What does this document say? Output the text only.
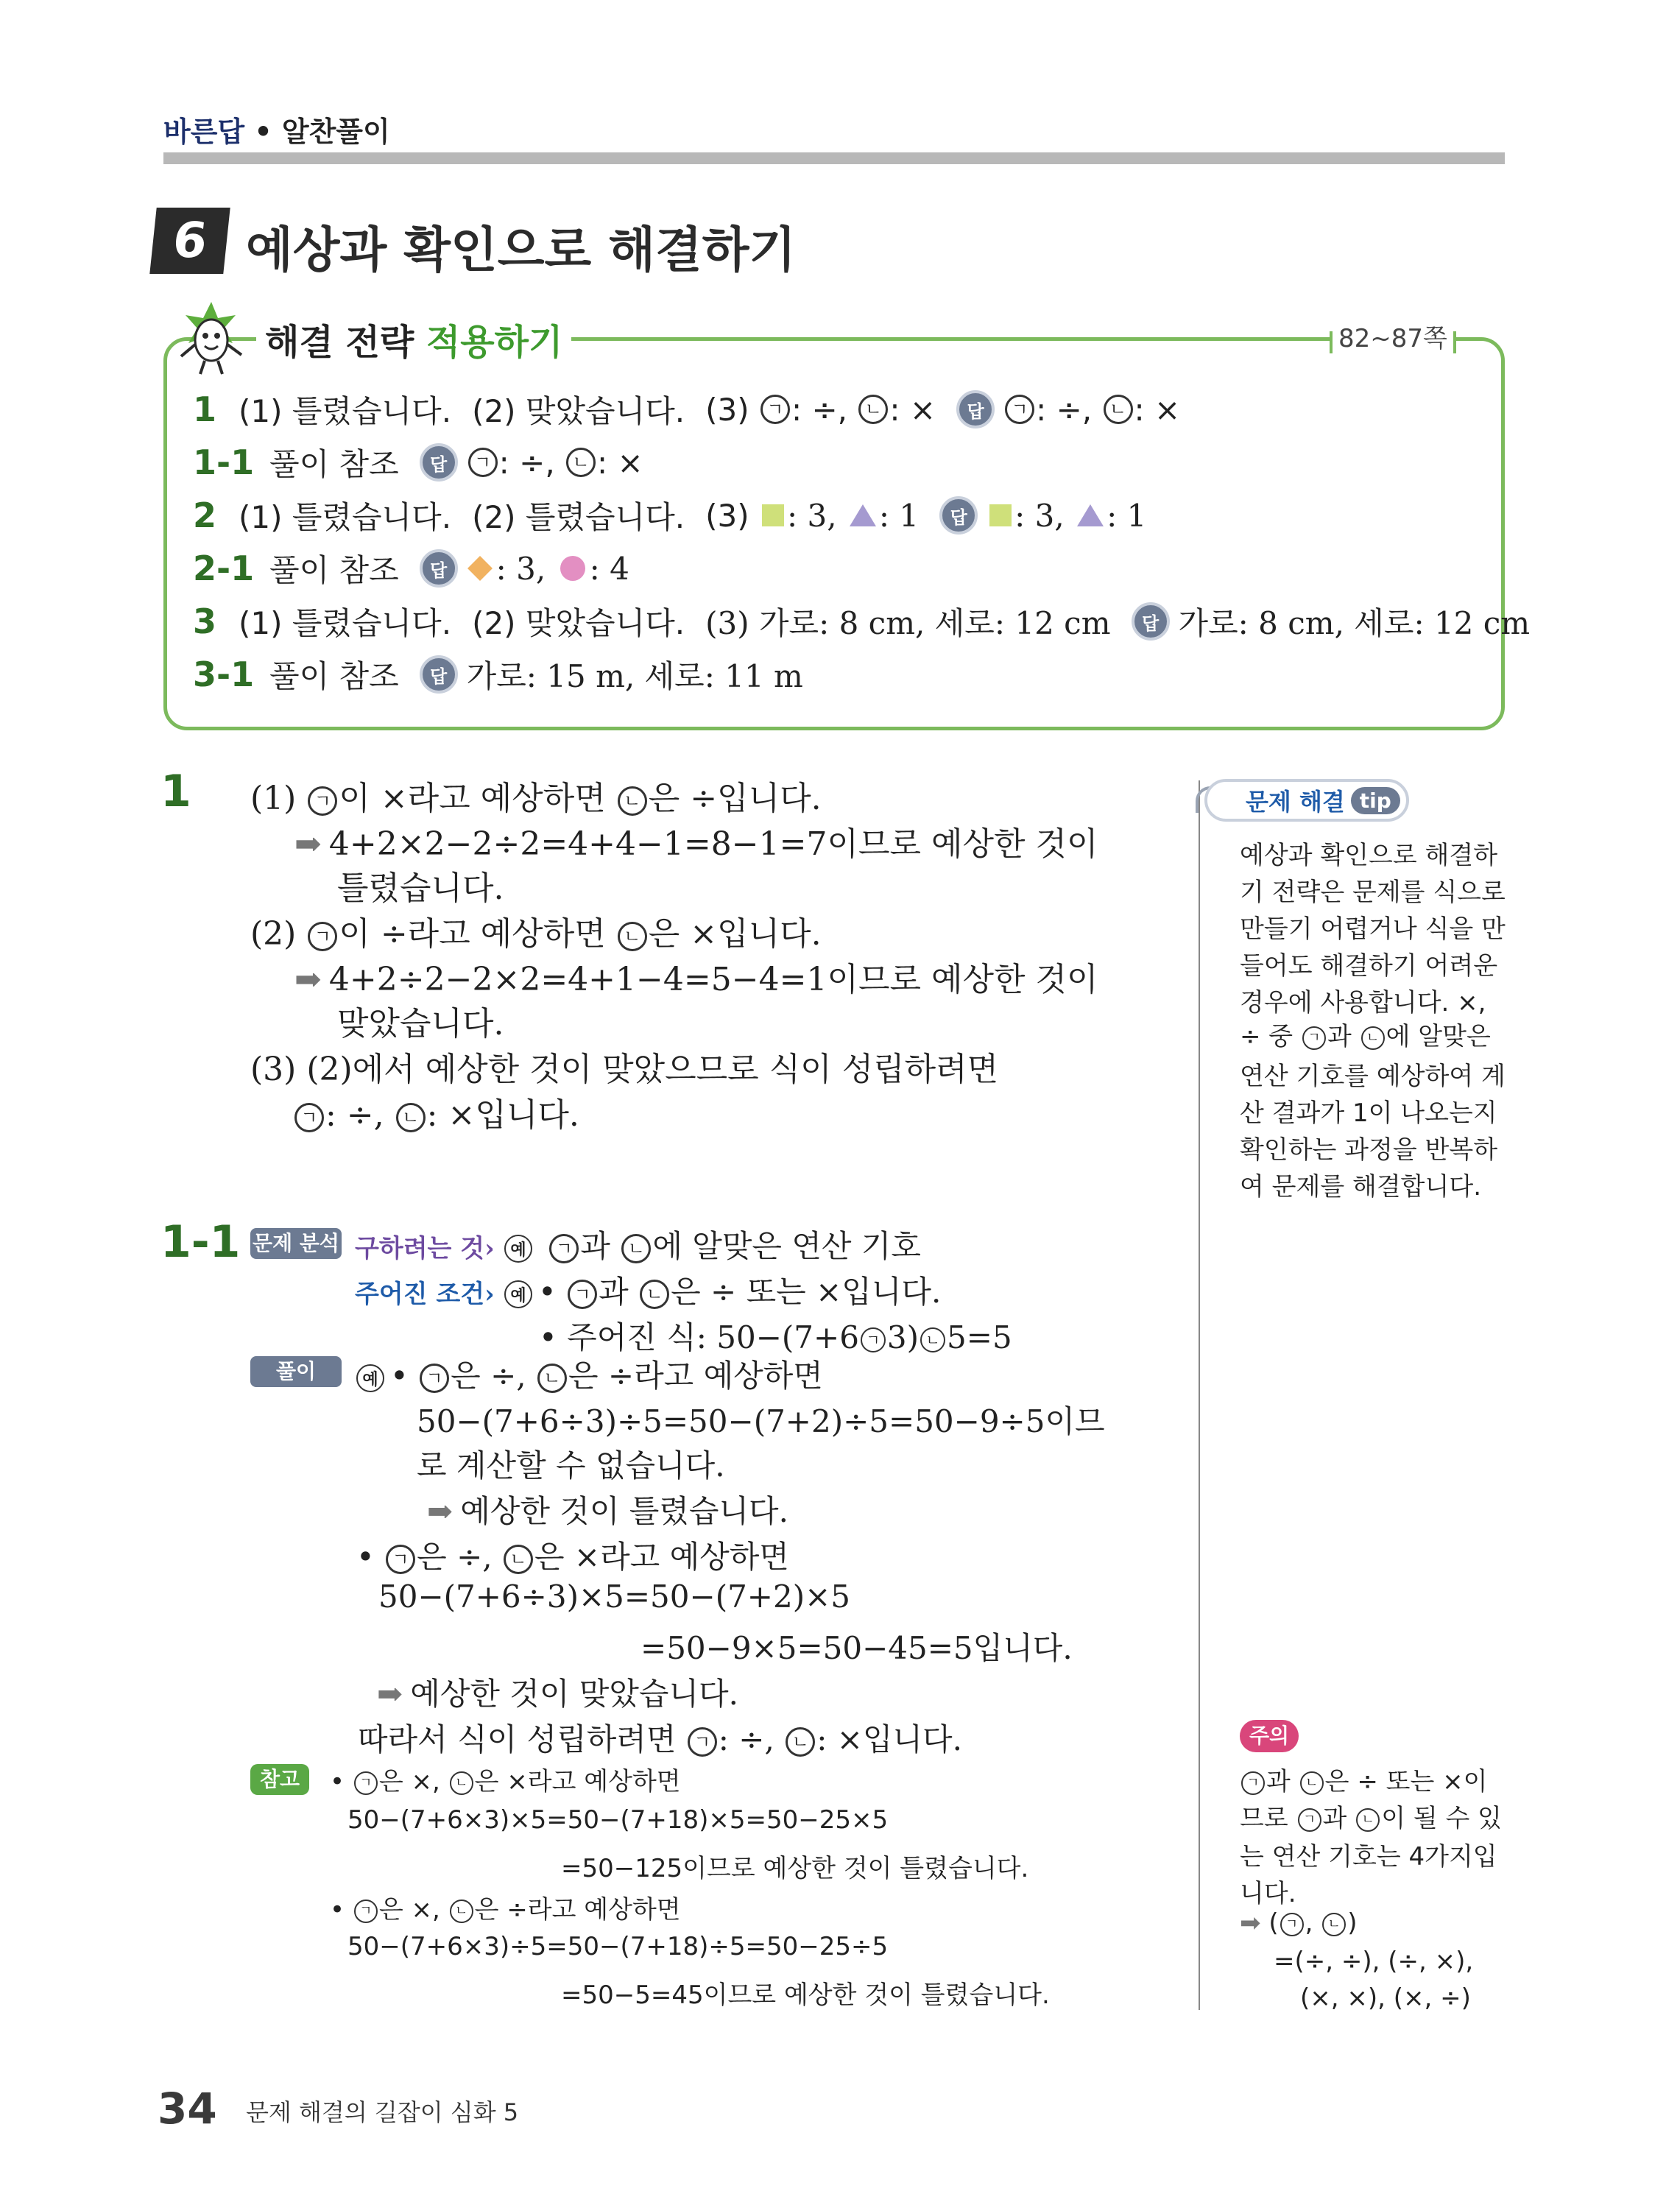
바른답 • 알찬풀이
6 예상과 확인으로 해결하기
해결 전략 적용하기	82~87쪽
1 (1) 틀렸습니다. (2) 맞았습니다. (3)
ㄱ : ÷,
ㄴ : ×	답	ㄱ : ÷,
ㄴ : ×
1-1 풀이 참조	답	ㄱ : ÷,
ㄴ : ×
2 (1) 틀렸습니다. (2) 틀렸습니다. (3)
: 3,
: 1	답	: 3,
: 1
2-1 풀이 참조	답	: 3,
: 4
3 (1) 틀렸습니다. (2) 맞았습니다. (3) 가로: 8 cm, 세로: 12 cm	답 가로: 8 cm, 세로: 12 cm
3-1 풀이 참조	답 가로: 15 m, 세로: 11 m
1 (1) ㄱ 이 ×라고 예상하면 ㄴ 은 ÷입니다.
➡ 4+2×2−2÷2=4+4−1=8−1=7이므로 예상한 것이
틀렸습니다.
(2) ㄱ 이 ÷라고 예상하면 ㄴ 은 ×입니다.
➡ 4+2÷2−2×2=4+1−4=5−4=1이므로 예상한 것이
맞았습니다.
(3) (2)에서 예상한 것이 맞았으므로 식이 성립하려면
ㄱ : ÷, ㄴ : ×입니다.
1-1 문제 분석 구하려는 것› 예 ㄱ 과 ㄴ 에 알맞은 연산 기호
주어진 조건› 예 • ㄱ 과 ㄴ 은 ÷ 또는 ×입니다.
• 주어진 식: 50−(7+6 ㄱ 3) ㄴ 5=5
풀이	예 • ㄱ 은 ÷, ㄴ 은 ÷라고 예상하면
50−(7+6÷3)÷5=50−(7+2)÷5=50−9÷5이므
로 계산할 수 없습니다.
➡ 예상한 것이 틀렸습니다.
• ㄱ 은 ÷, ㄴ 은 ×라고 예상하면
50−(7+6÷3)×5=50−(7+2)×5
=50−9×5=50−45=5입니다.
➡ 예상한 것이 맞았습니다.
따라서 식이 성립하려면 ㄱ : ÷, ㄴ : ×입니다.
참고	• ㄱ 은 ×, ㄴ 은 ×라고 예상하면
50−(7+6×3)×5=50−(7+18)×5=50−25×5
=50−125이므로 예상한 것이 틀렸습니다.
• ㄱ 은 ×, ㄴ 은 ÷라고 예상하면
50−(7+6×3)÷5=50−(7+18)÷5=50−25÷5
=50−5=45이므로 예상한 것이 틀렸습니다.
문제 해결 tip
예상과 확인으로 해결하
기 전략은 문제를 식으로
만들기 어렵거나 식을 만
들어도 해결하기 어려운
경우에 사용합니다. ×,
÷ 중 ㄱ 과 ㄴ 에 알맞은
연산 기호를 예상하여 계
산 결과가 1이 나오는지
확인하는 과정을 반복하
여 문제를 해결합니다.
주의
ㄱ 과 ㄴ 은 ÷ 또는 ×이
므로 ㄱ 과 ㄴ 이 될 수 있
는 연산 기호는 4가지입
니다.
➡ ( ㄱ , ㄴ )
=(÷, ÷), (÷, ×),
(×, ×), (×, ÷)
34 문제 해결의 길잡이 심화 5
